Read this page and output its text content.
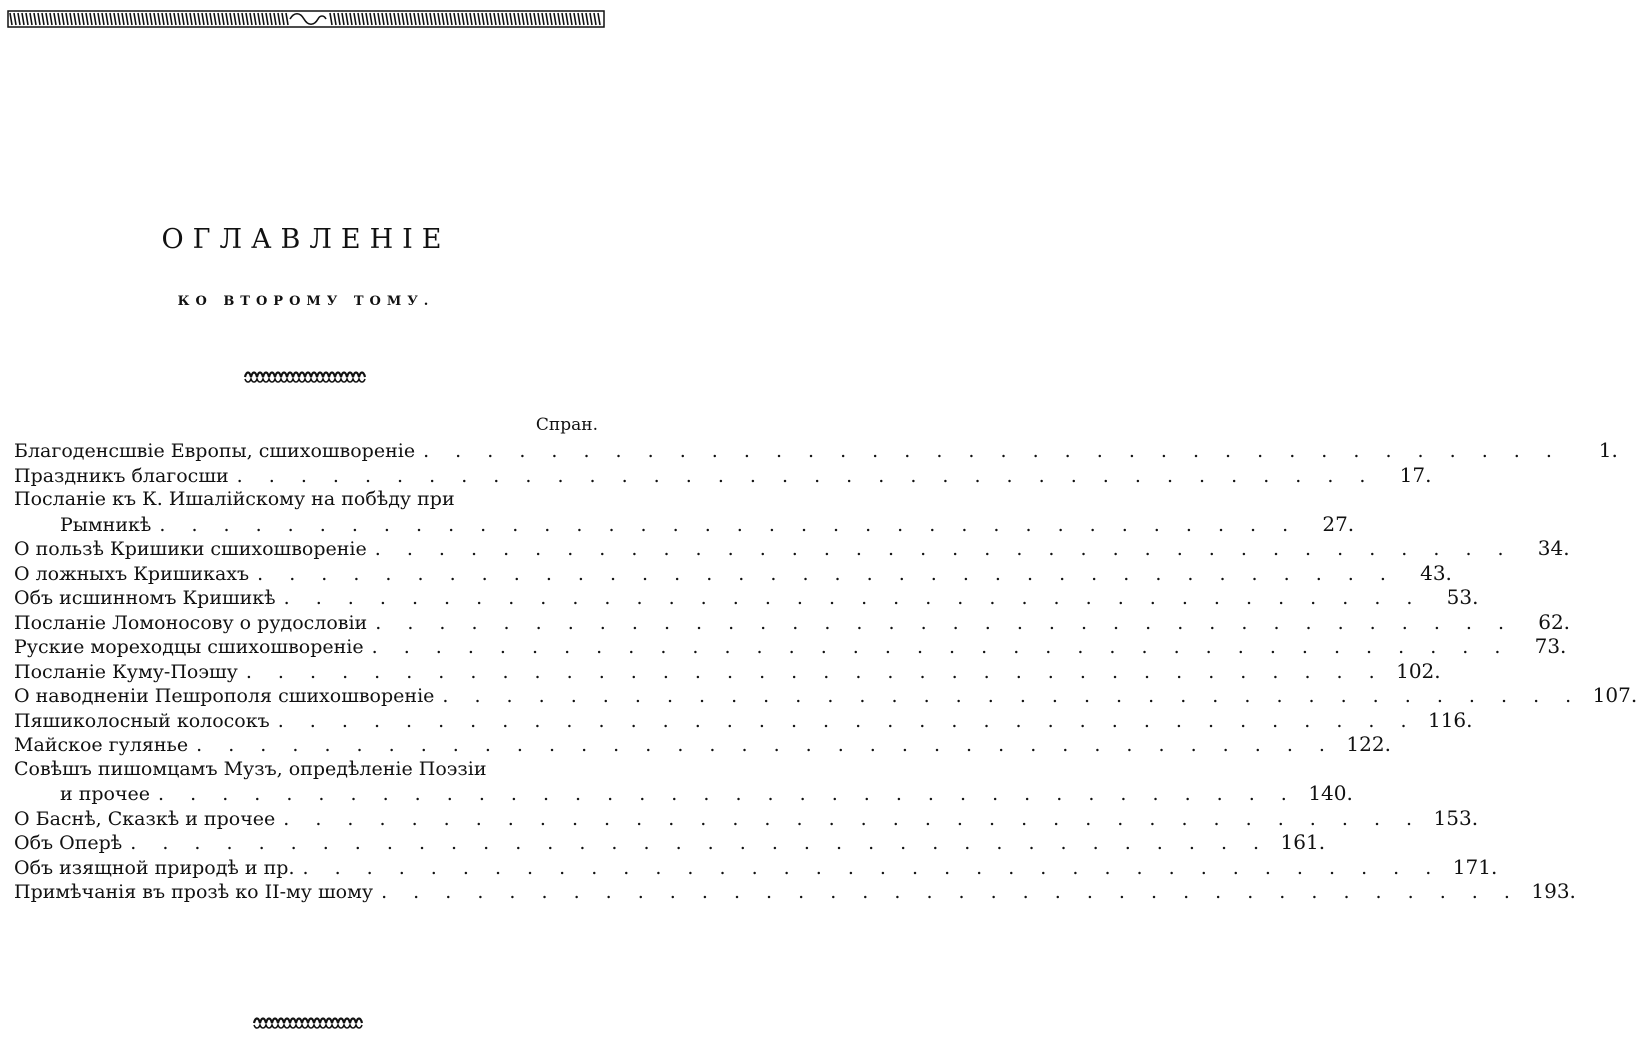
ОГЛАВЛЕНІЕ
КО ВТОРОМУ ТОМУ.
Спран.
Благоденсшвіе Европы, сшихошвореніе . . . . . . . . . . . . . . . . . . . . . . . . . . . . . . . . . . . .	1.
Праздникъ благосши . . . . . . . . . . . . . . . . . . . . . . . . . . . . . . . . . . . .	17.
Посланіе къ К. Ишалійскому на побѣду при
Рымникѣ . . . . . . . . . . . . . . . . . . . . . . . . . . . . . . . . . . . .	27.
О пользѣ Кришики сшихошвореніе . . . . . . . . . . . . . . . . . . . . . . . . . . . . . . . . . . . .	34.
О ложныхъ Кришикахъ . . . . . . . . . . . . . . . . . . . . . . . . . . . . . . . . . . . .	43.
Объ исшинномъ Кришикѣ . . . . . . . . . . . . . . . . . . . . . . . . . . . . . . . . . . . .	53.
Посланіе Ломоносову о рудословіи . . . . . . . . . . . . . . . . . . . . . . . . . . . . . . . . . . . .	62.
Руские мореходцы сшихошвореніе . . . . . . . . . . . . . . . . . . . . . . . . . . . . . . . . . . . .	73.
Посланіе Куму-Поэшу . . . . . . . . . . . . . . . . . . . . . . . . . . . . . . . . . . . . 102.
О наводненіи Пешрополя сшихошвореніе . . . . . . . . . . . . . . . . . . . . . . . . . . . . . . . . . . . . 107.
Пяшиколосный колосокъ . . . . . . . . . . . . . . . . . . . . . . . . . . . . . . . . . . . . 116.
Майское гулянье . . . . . . . . . . . . . . . . . . . . . . . . . . . . . . . . . . . . 122.
Совѣшъ пишомцамъ Музъ, опредѣленіе Поэзіи
и прочее . . . . . . . . . . . . . . . . . . . . . . . . . . . . . . . . . . . . 140.
О Баснѣ, Сказкѣ и прочее . . . . . . . . . . . . . . . . . . . . . . . . . . . . . . . . . . . . 153.
Объ Оперѣ . . . . . . . . . . . . . . . . . . . . . . . . . . . . . . . . . . . . 161.
Объ изящной природѣ и пр. . . . . . . . . . . . . . . . . . . . . . . . . . . . . . . . . . . . . 171.
Примѣчанія въ прозѣ ко II-му шому . . . . . . . . . . . . . . . . . . . . . . . . . . . . . . . . . . . . 193.
